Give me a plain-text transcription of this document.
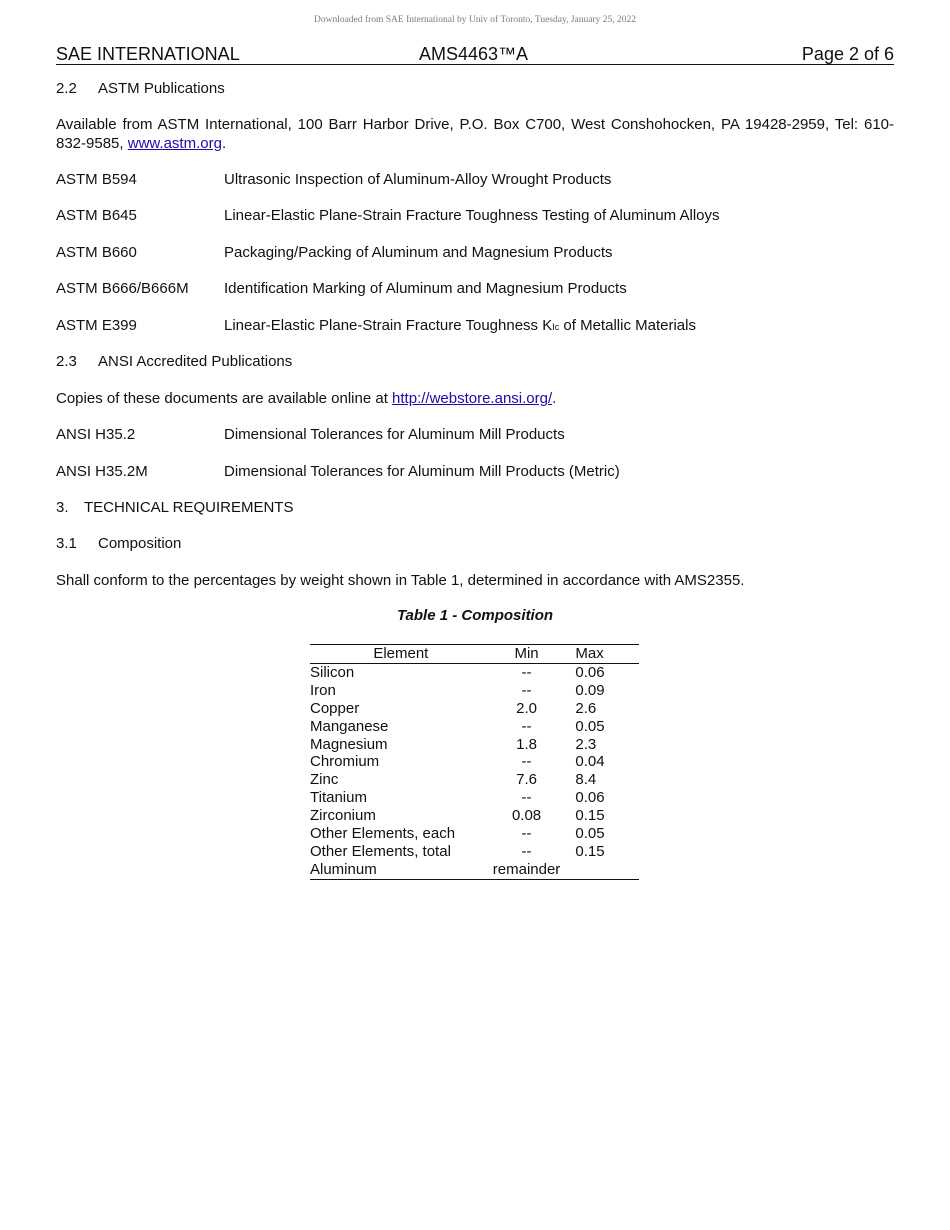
Downloaded from SAE International by Univ of Toronto, Tuesday, January 25, 2022
SAE INTERNATIONAL	AMS4463™A	Page 2 of 6
2.2 ASTM Publications
Available from ASTM International, 100 Barr Harbor Drive, P.O. Box C700, West Conshohocken, PA 19428-2959, Tel: 610-832-9585, www.astm.org.
ASTM B594	Ultrasonic Inspection of Aluminum-Alloy Wrought Products
ASTM B645	Linear-Elastic Plane-Strain Fracture Toughness Testing of Aluminum Alloys
ASTM B660	Packaging/Packing of Aluminum and Magnesium Products
ASTM B666/B666M Identification Marking of Aluminum and Magnesium Products
ASTM E399	Linear-Elastic Plane-Strain Fracture Toughness KIc of Metallic Materials
2.3 ANSI Accredited Publications
Copies of these documents are available online at http://webstore.ansi.org/.
ANSI H35.2	Dimensional Tolerances for Aluminum Mill Products
ANSI H35.2M	Dimensional Tolerances for Aluminum Mill Products (Metric)
3. TECHNICAL REQUIREMENTS
3.1 Composition
Shall conform to the percentages by weight shown in Table 1, determined in accordance with AMS2355.
Table 1 - Composition
Element	Min	Max
Silicon	--	0.06
Iron	--	0.09
Copper	2.0	2.6
Manganese	--	0.05
Magnesium	1.8	2.3
Chromium	--	0.04
Zinc	7.6	8.4
Titanium	--	0.06
Zirconium	0.08	0.15
Other Elements, each	--	0.05
Other Elements, total	--	0.15
Aluminum	remainder	
